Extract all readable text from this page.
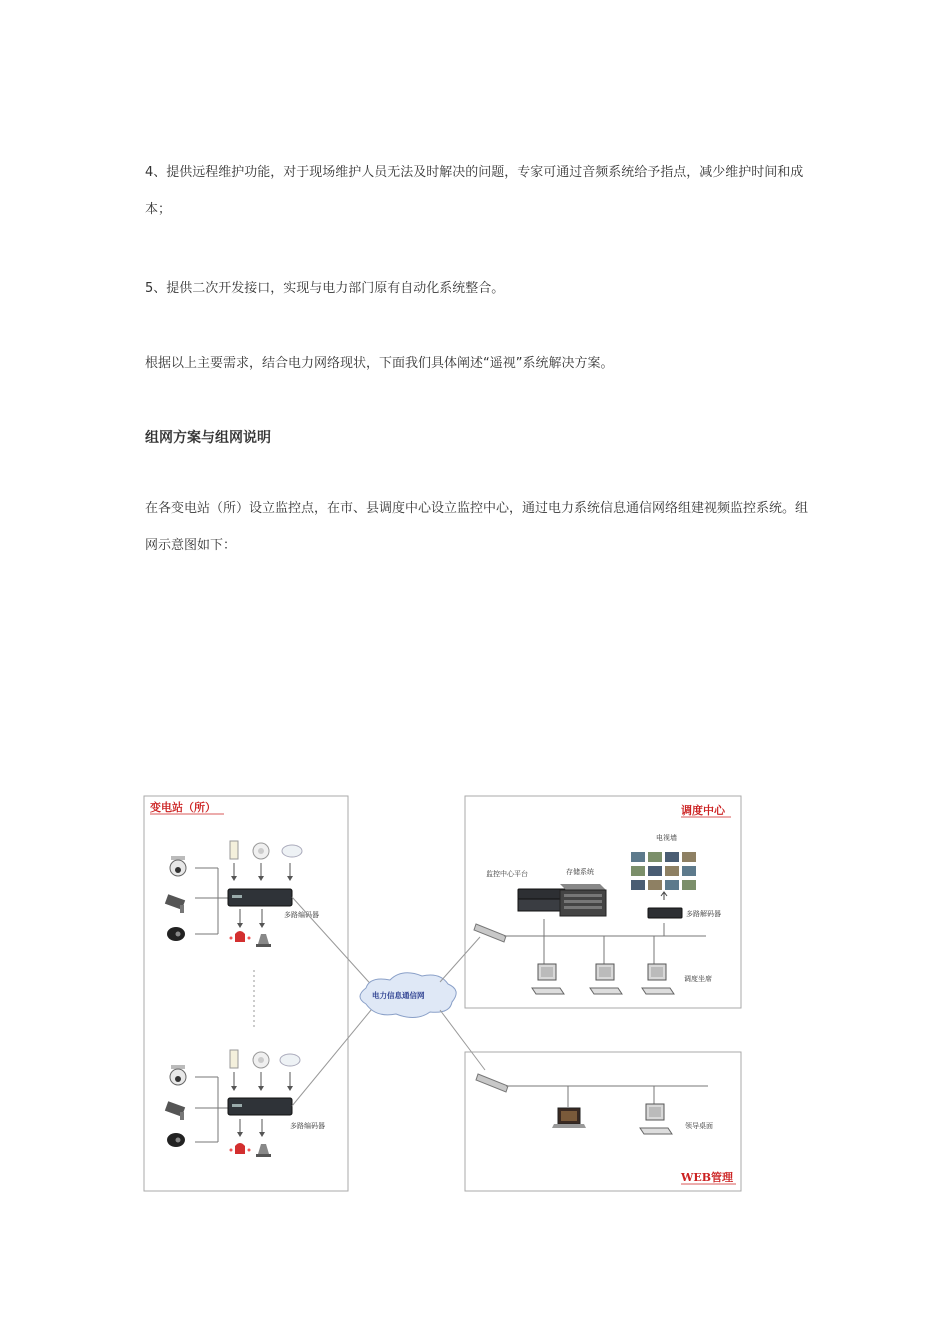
4、提供远程维护功能，对于现场维护人员无法及时解决的问题，专家可通过音频系统给予指点，减少维护时间和成本；

5、提供二次开发接口，实现与电力部门原有自动化系统整合。

根据以上主要需求，结合电力网络现状，下面我们具体阐述“遥视”系统解决方案。

组网方案与组网说明

在各变电站（所）设立监控点，在市、县调度中心设立监控中心，通过电力系统信息通信网络组建视频监控系统。组网示意图如下：

变电站（所）	调度中心
WEB管理
多路编码器
多路编码器
电力信息通信网
监控中心平台	存储系统
电视墙
多路解码器
调度坐席
领导桌面
